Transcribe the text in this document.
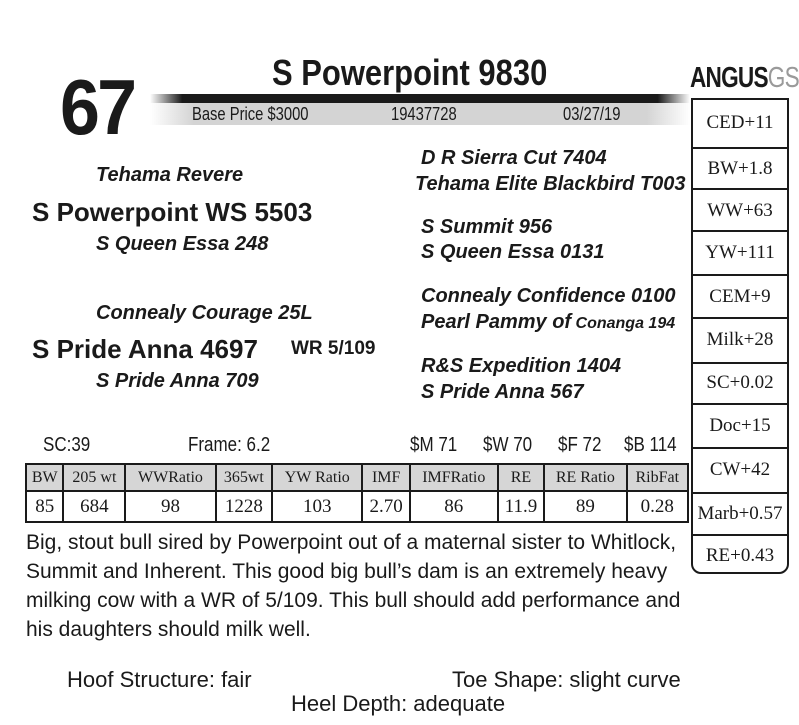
67	S Powerpoint 9830
Base Price $3000	19437728	03/27/19
Tehama Revere
S Powerpoint WS 5503
S Queen Essa 248
D R Sierra Cut 7404
Tehama Elite Blackbird T003
S Summit 956
S Queen Essa 0131
Connealy Courage 25L
S Pride Anna 4697 WR 5/109
S Pride Anna 709
Connealy Confidence 0100
Pearl Pammy of Conanga 194
R&S Expedition 1404
S Pride Anna 567
SC:39	Frame: 6.2	$M 71 $W 70 $F 72 $B 114
ANGUSGS
CED+11
BW+1.8
WW+63
YW+111
CEM+9
Milk+28
SC+0.02
Doc+15
CW+42
Marb+0.57
RE+0.43
BW	205 wt	WWRatio	365wt	YW Ratio	IMF	IMFRatio	RE	RE Ratio	RibFat
85	684	98	1228	103	2.70	86	11.9	89	0.28
Big, stout bull sired by Powerpoint out of a maternal sister to Whitlock, Summit and Inherent. This good big bull’s dam is an extremely heavy milking cow with a WR of 5/109. This bull should add performance and his daughters should milk well.
Hoof Structure: fair	Toe Shape: slight curve
Heel Depth: adequate
